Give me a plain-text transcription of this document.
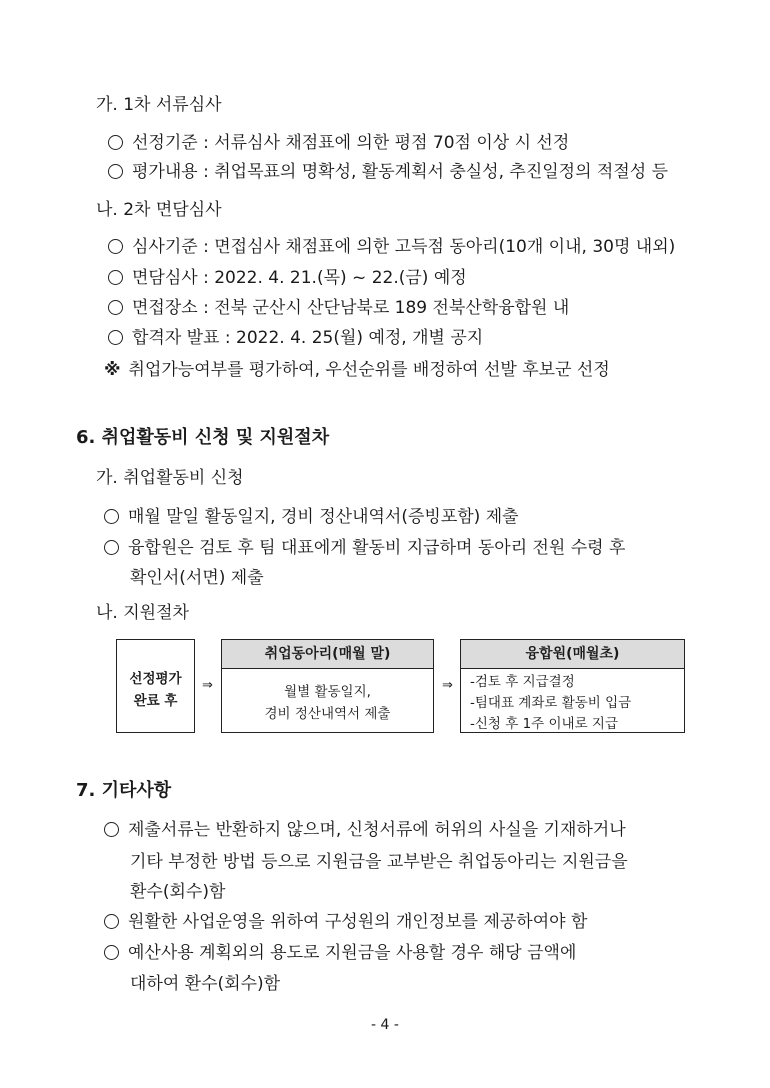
가. 1차 서류심사
선정기준 : 서류심사 채점표에 의한 평점 70점 이상 시 선정
평가내용 : 취업목표의 명확성, 활동계획서 충실성, 추진일정의 적절성 등
나. 2차 면담심사
심사기준 : 면접심사 채점표에 의한 고득점 동아리(10개 이내, 30명 내외)
면담심사 : 2022. 4. 21.(목) ~ 22.(금) 예정
면접장소 : 전북 군산시 산단남북로 189 전북산학융합원 내
합격자 발표 : 2022. 4. 25(월) 예정, 개별 공지
※ 취업가능여부를 평가하여, 우선순위를 배정하여 선발 후보군 선정
6. 취업활동비 신청 및 지원절차
가. 취업활동비 신청
매월 말일 활동일지, 경비 정산내역서(증빙포함) 제출
융합원은 검토 후 팀 대표에게 활동비 지급하며 동아리 전원 수령 후
확인서(서면) 제출
나. 지원절차
선정평가
완료 후
⇒
취업동아리(매월 말)
월별 활동일지,
경비 정산내역서 제출
⇒
융합원(매월초)
-검토 후 지급결정
-팀대표 계좌로 활동비 입금
-신청 후 1주 이내로 지급
7. 기타사항
제출서류는 반환하지 않으며, 신청서류에 허위의 사실을 기재하거나
기타 부정한 방법 등으로 지원금을 교부받은 취업동아리는 지원금을
환수(회수)함
원활한 사업운영을 위하여 구성원의 개인정보를 제공하여야 함
예산사용 계획외의 용도로 지원금을 사용할 경우 해당 금액에
대하여 환수(회수)함
- 4 -
